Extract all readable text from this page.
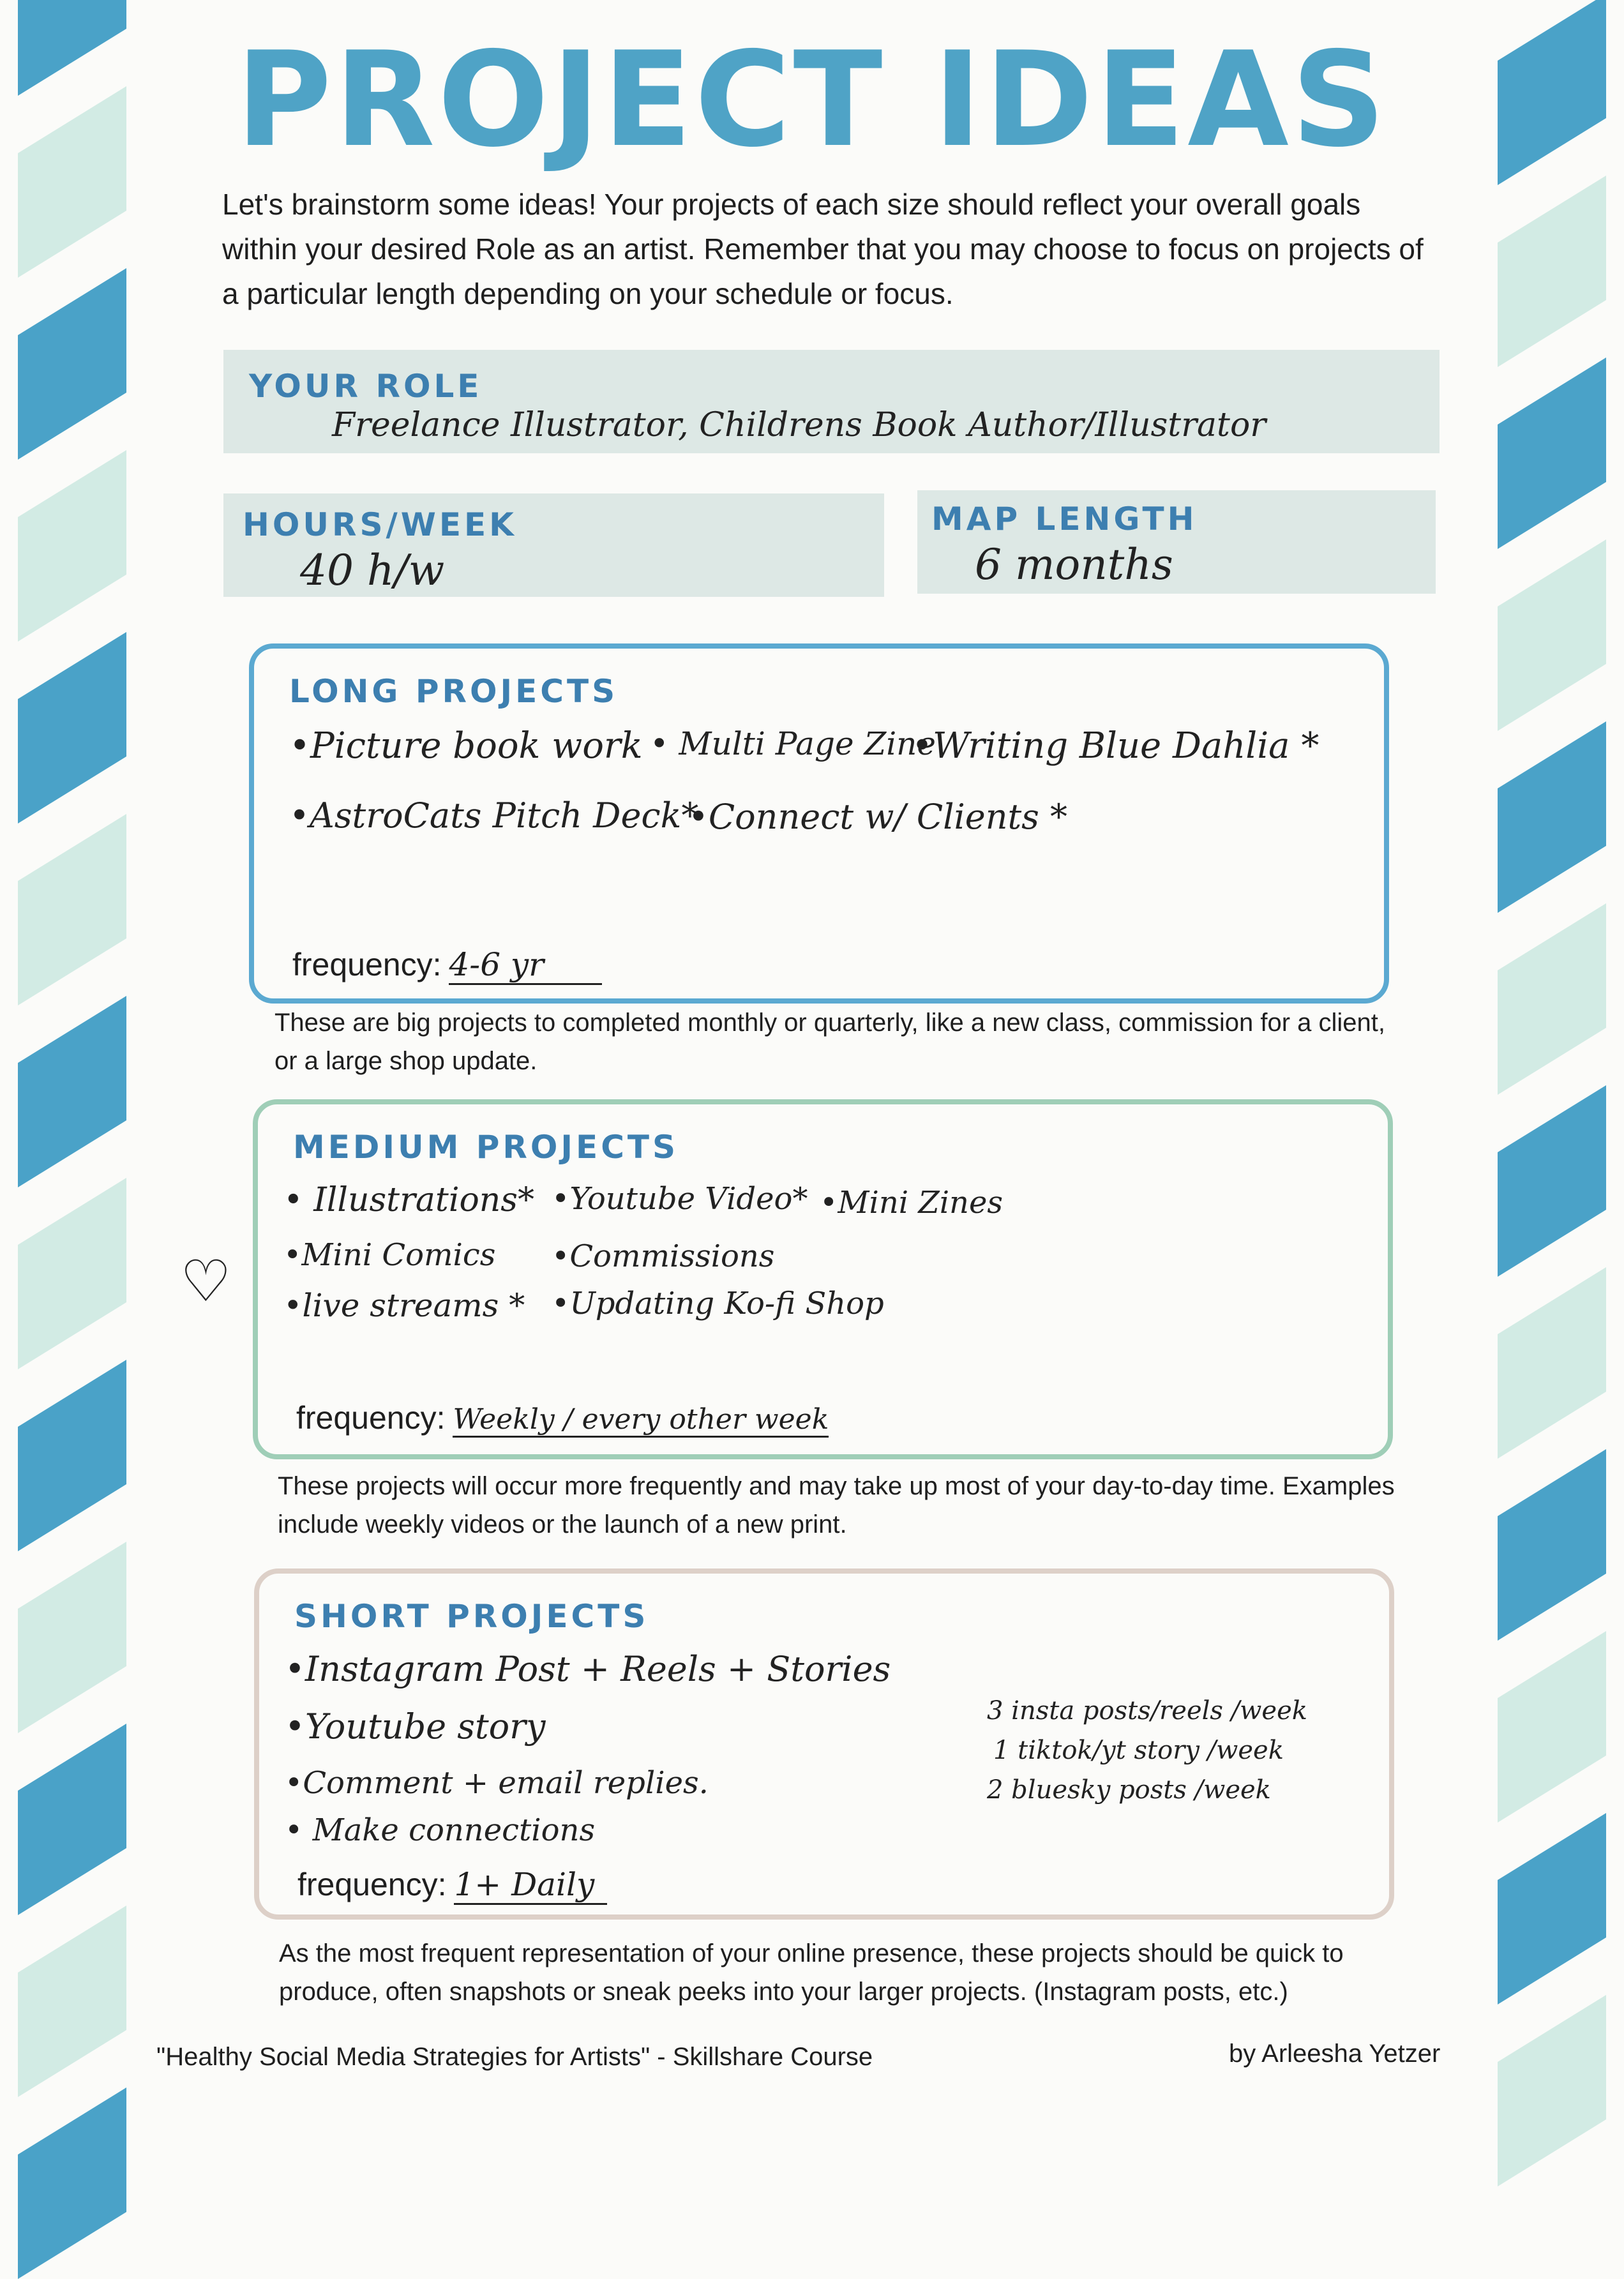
PROJECT IDEAS
Let's brainstorm some ideas! Your projects of each size should reflect your overall goals within your desired Role as an artist. Remember that you may choose to focus on projects of a particular length depending on your schedule or focus.
YOUR ROLE
Freelance Illustrator, Childrens Book Author/Illustrator
HOURS/WEEK
40 h/w
MAP LENGTH
6 months
LONG PROJECTS
•Picture book work • Multi Page Zine
•Writing Blue Dahlia *
•AstroCats Pitch Deck*
•Connect w/ Clients *
frequency: 4-6 yr
These are big projects to completed monthly or quarterly, like a new class, commission for a client, or a large shop update.
MEDIUM PROJECTS
• Illustrations* •Youtube Video* •Mini Zines
•Mini Comics •Commissions
•live streams * •Updating Ko-fi Shop
frequency: Weekly / every other week
♡
These projects will occur more frequently and may take up most of your day-to-day time. Examples include weekly videos or the launch of a new print.
SHORT PROJECTS
•Instagram Post + Reels + Stories
•Youtube story
•Comment + email replies.
• Make connections
3 insta posts/reels /week
1 tiktok/yt story /week
2 bluesky posts /week
frequency: 1+ Daily
As the most frequent representation of your online presence, these projects should be quick to produce, often snapshots or sneak peeks into your larger projects. (Instagram posts, etc.)
"Healthy Social Media Strategies for Artists" - Skillshare Course	by Arleesha Yetzer
